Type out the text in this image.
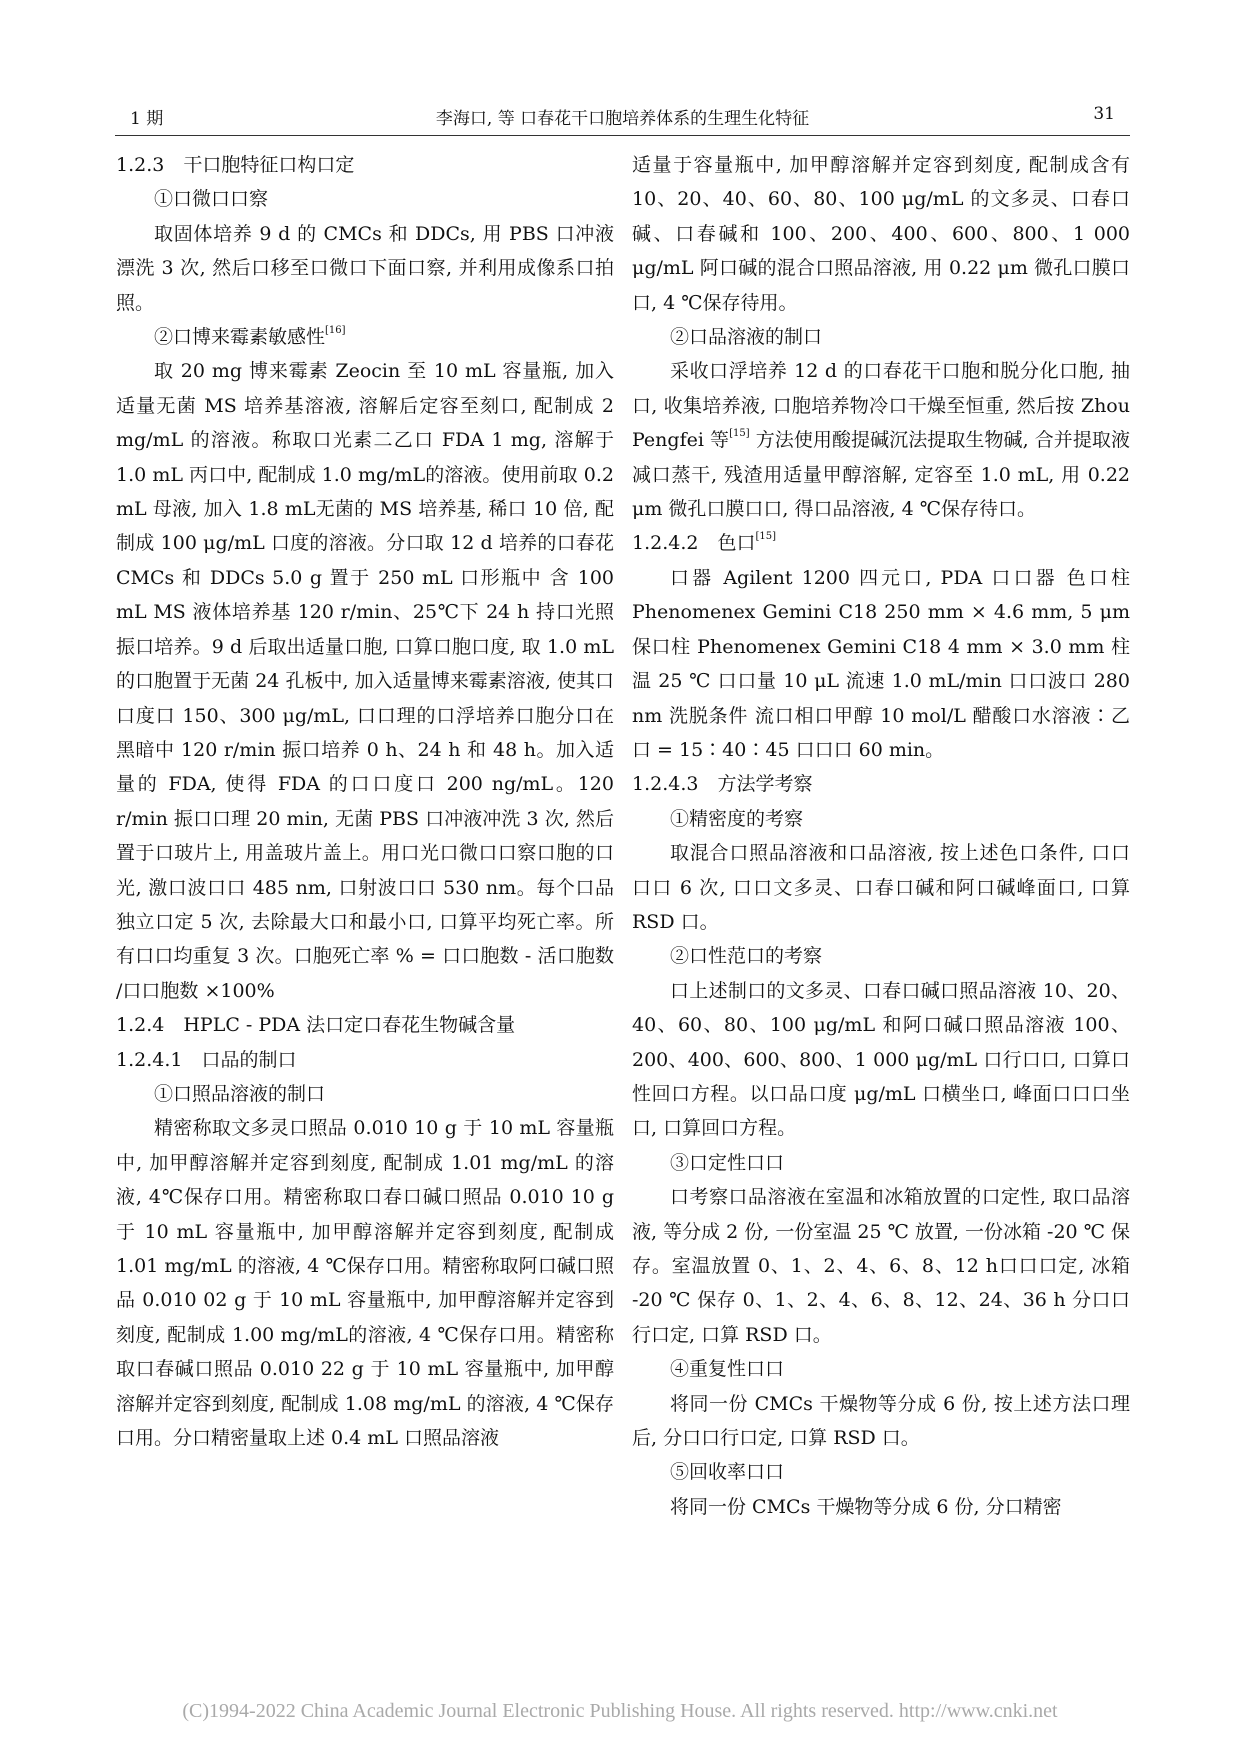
1 期	李海口, 等 口春花干口胞培养体系的生理生化特征	31

1.2.3　干口胞特征口构口定

①口微口口察

取固体培养 9 d 的 CMCs 和 DDCs, 用 PBS 口冲液漂洗 3 次, 然后口移至口微口下面口察, 并利用成像系口拍照。

②口博来霉素敏感性[16]

取 20 mg 博来霉素 Zeocin 至 10 mL 容量瓶, 加入适量无菌 MS 培养基溶液, 溶解后定容至刻口, 配制成 2 mg/mL 的溶液。称取口光素二乙口 FDA 1 mg, 溶解于 1.0 mL 丙口中, 配制成 1.0 mg/mL的溶液。使用前取 0.2 mL 母液, 加入 1.8 mL无菌的 MS 培养基, 稀口 10 倍, 配制成 100 μg/mL 口度的溶液。分口取 12 d 培养的口春花 CMCs 和 DDCs 5.0 g 置于 250 mL 口形瓶中 含 100 mL MS 液体培养基 120 r/min、25℃下 24 h 持口光照振口培养。9 d 后取出适量口胞, 口算口胞口度, 取 1.0 mL 的口胞置于无菌 24 孔板中, 加入适量博来霉素溶液, 使其口口度口 150、300 μg/mL, 口口理的口浮培养口胞分口在黑暗中 120 r/min 振口培养 0 h、24 h 和 48 h。加入适量的 FDA, 使得 FDA 的口口度口 200 ng/mL。120 r/min 振口口理 20 min, 无菌 PBS 口冲液冲洗 3 次, 然后置于口玻片上, 用盖玻片盖上。用口光口微口口察口胞的口光, 激口波口口 485 nm, 口射波口口 530 nm。每个口品独立口定 5 次, 去除最大口和最小口, 口算平均死亡率。所有口口均重复 3 次。口胞死亡率 % = 口口胞数 - 活口胞数 /口口胞数 ×100%

1.2.4　HPLC - PDA 法口定口春花生物碱含量

1.2.4.1　口品的制口

①口照品溶液的制口

精密称取文多灵口照品 0.010 10 g 于 10 mL 容量瓶中, 加甲醇溶解并定容到刻度, 配制成 1.01 mg/mL 的溶液, 4℃保存口用。精密称取口春口碱口照品 0.010 10 g 于 10 mL 容量瓶中, 加甲醇溶解并定容到刻度, 配制成 1.01 mg/mL 的溶液, 4 ℃保存口用。精密称取阿口碱口照品 0.010 02 g 于 10 mL 容量瓶中, 加甲醇溶解并定容到刻度, 配制成 1.00 mg/mL的溶液, 4 ℃保存口用。精密称取口春碱口照品 0.010 22 g 于 10 mL 容量瓶中, 加甲醇溶解并定容到刻度, 配制成 1.08 mg/mL 的溶液, 4 ℃保存口用。分口精密量取上述 0.4 mL 口照品溶液

适量于容量瓶中, 加甲醇溶解并定容到刻度, 配制成含有 10、20、40、60、80、100 μg/mL 的文多灵、口春口碱、口春碱和 100、200、400、600、800、1 000 μg/mL 阿口碱的混合口照品溶液, 用 0.22 μm 微孔口膜口口, 4 ℃保存待用。

②口品溶液的制口

采收口浮培养 12 d 的口春花干口胞和脱分化口胞, 抽口, 收集培养液, 口胞培养物冷口干燥至恒重, 然后按 Zhou Pengfei 等[15] 方法使用酸提碱沉法提取生物碱, 合并提取液减口蒸干, 残渣用适量甲醇溶解, 定容至 1.0 mL, 用 0.22 μm 微孔口膜口口, 得口品溶液, 4 ℃保存待口。

1.2.4.2　色口[15]

口器 Agilent 1200 四元口, PDA 口口器 色口柱 Phenomenex Gemini C18 250 mm × 4.6 mm, 5 μm 保口柱 Phenomenex Gemini C18 4 mm × 3.0 mm 柱温 25 ℃ 口口量 10 μL 流速 1.0 mL/min 口口波口 280 nm 洗脱条件 流口相口甲醇 10 mol/L 醋酸口水溶液∶乙口 = 15∶40∶45 口口口 60 min。

1.2.4.3　方法学考察

①精密度的考察

取混合口照品溶液和口品溶液, 按上述色口条件, 口口口口 6 次, 口口文多灵、口春口碱和阿口碱峰面口, 口算 RSD 口。

②口性范口的考察

口上述制口的文多灵、口春口碱口照品溶液 10、20、40、60、80、100 μg/mL 和阿口碱口照品溶液 100、200、400、600、800、1 000 μg/mL 口行口口, 口算口性回口方程。以口品口度 μg/mL 口横坐口, 峰面口口口坐口, 口算回口方程。

③口定性口口

口考察口品溶液在室温和冰箱放置的口定性, 取口品溶液, 等分成 2 份, 一份室温 25 ℃ 放置, 一份冰箱 -20 ℃ 保存。室温放置 0、1、2、4、6、8、12 h口口口定, 冰箱 -20 ℃ 保存 0、1、2、4、6、8、12、24、36 h 分口口行口定, 口算 RSD 口。

④重复性口口

将同一份 CMCs 干燥物等分成 6 份, 按上述方法口理后, 分口口行口定, 口算 RSD 口。

⑤回收率口口

将同一份 CMCs 干燥物等分成 6 份, 分口精密

(C)1994-2022 China Academic Journal Electronic Publishing House. All rights reserved. http://www.cnki.net
